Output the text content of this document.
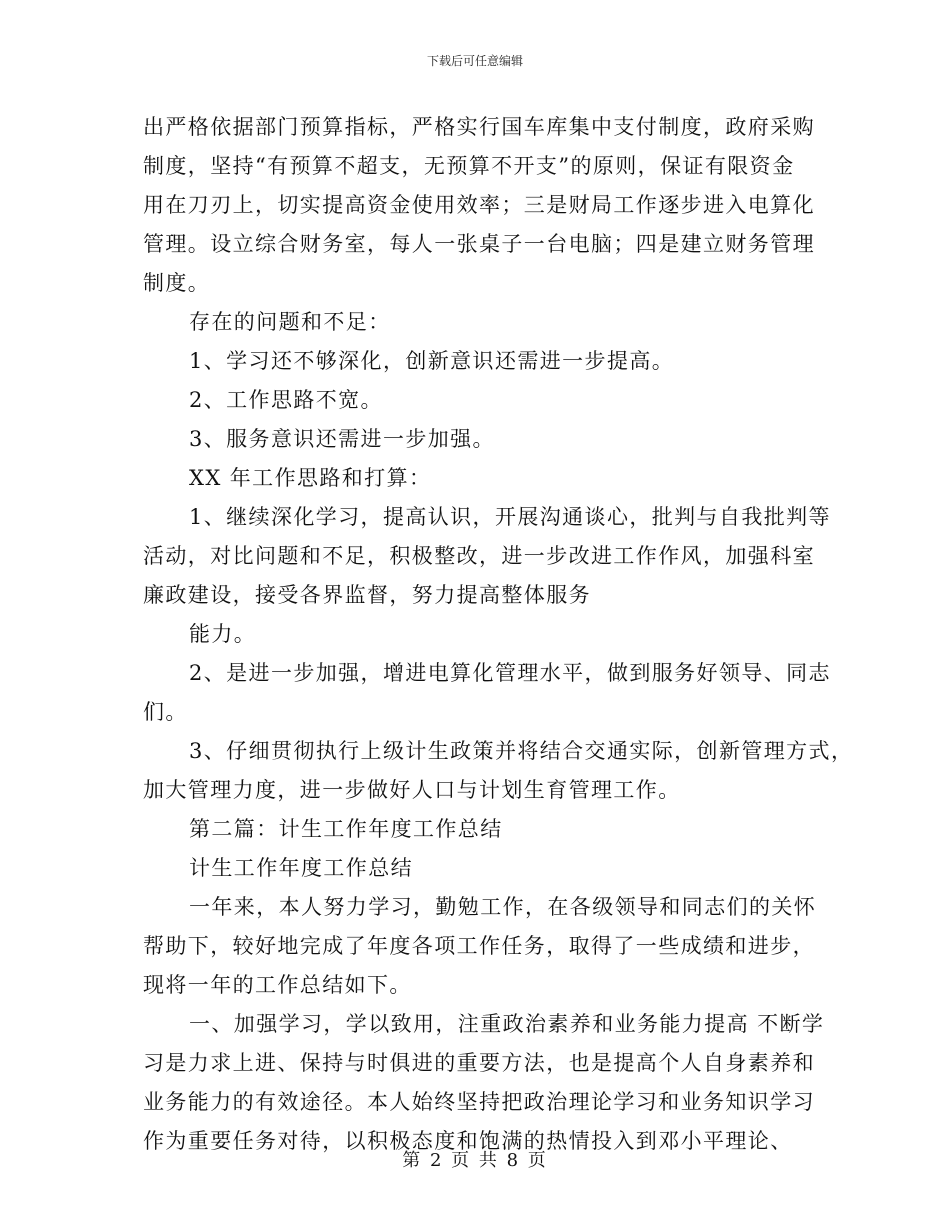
下载后可任意编辑
出严格依据部门预算指标，严格实行国车库集中支付制度，政府采购
制度，坚持“有预算不超支，无预算不开支”的原则，保证有限资金
用在刀刃上，切实提高资金使用效率；三是财局工作逐步进入电算化
管理。设立综合财务室，每人一张桌子一台电脑；四是建立财务管理
制度。
存在的问题和不足：
1、学习还不够深化，创新意识还需进一步提高。
2、工作思路不宽。
3、服务意识还需进一步加强。
XX 年工作思路和打算：
1、继续深化学习，提高认识，开展沟通谈心，批判与自我批判等
活动，对比问题和不足，积极整改，进一步改进工作作风，加强科室
廉政建设，接受各界监督，努力提高整体服务
能力。
2、是进一步加强，增进电算化管理水平，做到服务好领导、同志
们。
3、仔细贯彻执行上级计生政策并将结合交通实际，创新管理方式，
加大管理力度，进一步做好人口与计划生育管理工作。
第二篇：计生工作年度工作总结
计生工作年度工作总结
一年来，本人努力学习，勤勉工作，在各级领导和同志们的关怀
帮助下，较好地完成了年度各项工作任务，取得了一些成绩和进步，
现将一年的工作总结如下。
一、加强学习，学以致用，注重政治素养和业务能力提高 不断学
习是力求上进、保持与时俱进的重要方法，也是提高个人自身素养和
业务能力的有效途径。本人始终坚持把政治理论学习和业务知识学习
作为重要任务对待，以积极态度和饱满的热情投入到邓小平理论、
第 2 页 共 8 页
